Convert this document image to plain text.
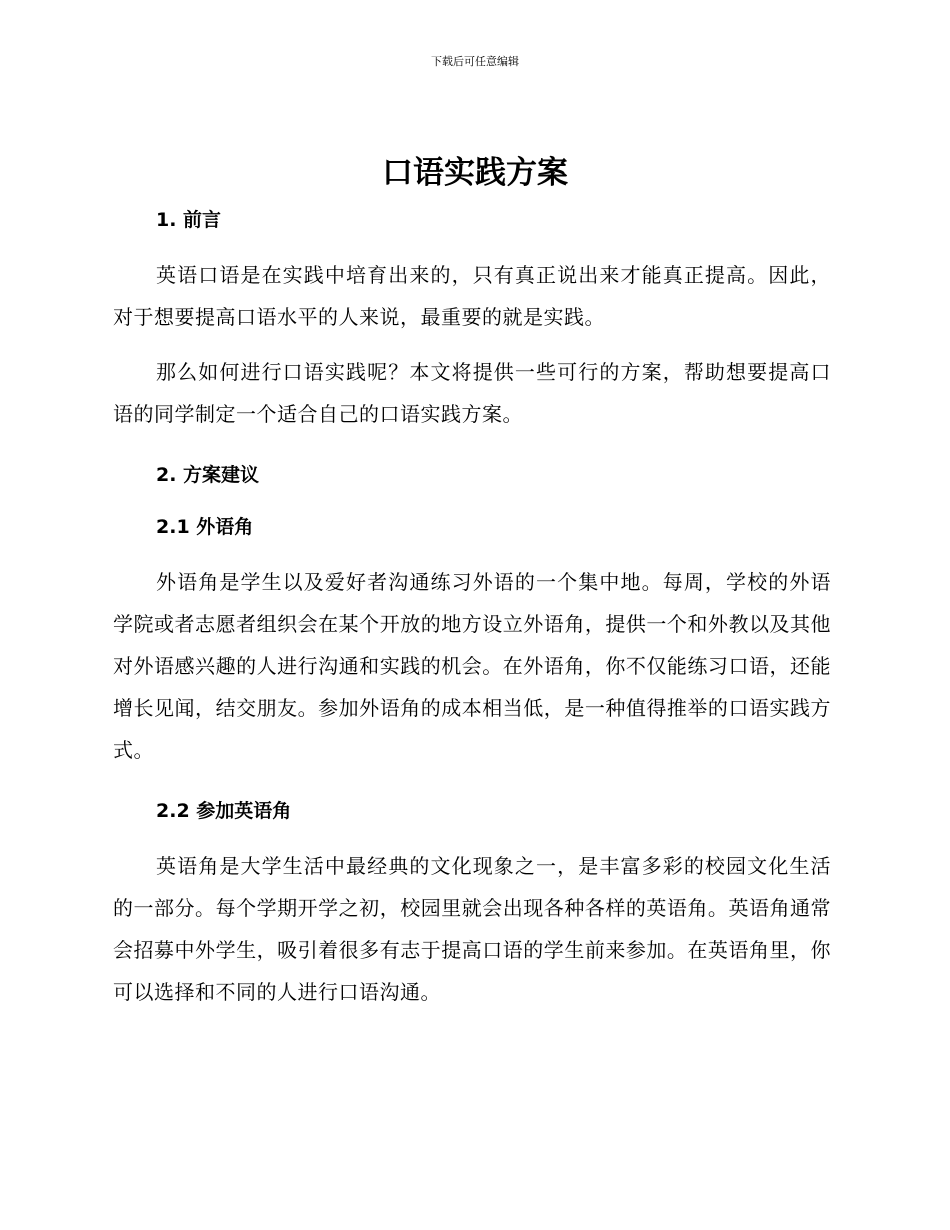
下载后可任意编辑
口语实践方案
1. 前言

英语口语是在实践中培育出来的，只有真正说出来才能真正提高。因此，对于想要提高口语水平的人来说，最重要的就是实践。

那么如何进行口语实践呢？本文将提供一些可行的方案，帮助想要提高口语的同学制定一个适合自己的口语实践方案。

2. 方案建议
2.1 外语角

外语角是学生以及爱好者沟通练习外语的一个集中地。每周，学校的外语学院或者志愿者组织会在某个开放的地方设立外语角，提供一个和外教以及其他对外语感兴趣的人进行沟通和实践的机会。在外语角，你不仅能练习口语，还能增长见闻，结交朋友。参加外语角的成本相当低，是一种值得推举的口语实践方式。

2.2 参加英语角

英语角是大学生活中最经典的文化现象之一，是丰富多彩的校园文化生活的一部分。每个学期开学之初，校园里就会出现各种各样的英语角。英语角通常会招募中外学生，吸引着很多有志于提高口语的学生前来参加。在英语角里，你可以选择和不同的人进行口语沟通。
